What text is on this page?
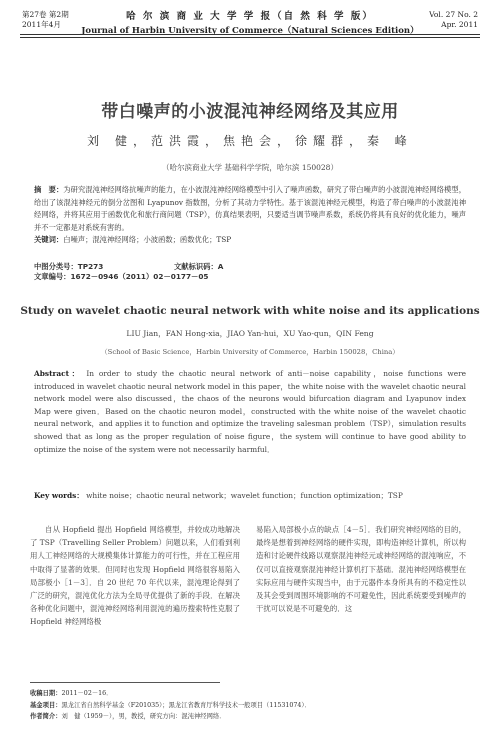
第27卷 第2期
2011年4月
哈 尔 滨 商 业 大 学 学 报（自 然 科 学 版）
Journal of Harbin University of Commerce（Natural Sciences Edition）
Vol. 27 No. 2
Apr. 2011
带白噪声的小波混沌神经网络及其应用
刘 健，范洪霞，焦艳会，徐耀群，秦 峰
（哈尔滨商业大学 基础科学学院，哈尔滨 150028）
摘　要：为研究混沌神经网络抗噪声的能力，在小波混沌神经网络模型中引入了噪声函数，研究了带白噪声的小波混沌神经网络模型，给出了该混沌神经元的倒分岔图和 Lyapunov 指数图，分析了其动力学特性。基于该混沌神经元模型，构造了带白噪声的小波混沌神经网络，并将其应用于函数优化和旅行商问题（TSP），仿真结果表明，只要适当调节噪声系数，系统仍将具有良好的优化能力，噪声并不一定都是对系统有害的。
关键词：白噪声；混沌神经网络；小波函数；函数优化；TSP
中图分类号：TP273	文献标识码：A文章编号：1672－0946（2011）02－0177－05
Study on wavelet chaotic neural network with white noise and its applications
LIU Jian，FAN Hong-xia，JIAO Yan-hui，XU Yao-qun，QIN Feng
（School of Basic Science，Harbin University of Commerce，Harbin 150028，China）
Abstract： In order to study the chaotic neural network of anti－noise capability，noise functions were introduced in wavelet chaotic neural network model in this paper，the white noise with the wavelet chaotic neural network model were also discussed，the chaos of the neurons would bifurcation diagram and Lyapunov index Map were given．Based on the chaotic neuron model，constructed with the white noise of the wavelet chaotic neural network，and applies it to function and optimize the traveling salesman problem（TSP），simulation results showed that as long as the proper regulation of noise figure，the system will continue to have good ability to optimize the noise of the system were not necessarily harmful．
Key words： white noise；chaotic neural network；wavelet function；function optimization；TSP
自从 Hopfield 提出 Hopfield 网络模型，并较成功地解决了 TSP（Travelling Seller Problem）问题以来，人们看到利用人工神经网络的大规模集体计算能力的可行性，并在工程应用中取得了显著的效果．但同时也发现 Hopfield 网络很容易陷入局部极小［1－3］．自 20 世纪 70 年代以来，混沌理论得到了广泛的研究，混沌优化方法为全局寻优提供了新的手段．在解决各种优化问题中，混沌神经网络利用混沌的遍历搜索特性克服了 Hopfield 神经网络极
易陷入局部极小点的缺点［4－5］．我们研究神经网络的目的，最终是想着到神经网络的硬件实现，即构造神经计算机，所以构造和讨论硬件线路以观察混沌神经元或神经网络的混沌响应，不仅可以直接观察混沌神经计算机打下基础．混沌神经网络模型在实际应用与硬件实现当中，由于元器件本身所具有的不稳定性以及其会受到周围环境影响的不可避免性，因此系统要受到噪声的干扰可以说是不可避免的．这
收稿日期：2011－02－16．
基金项目：黑龙江省自然科学基金（F201035）；黑龙江省教育厅科学技术一般项目（11531074）．
作者简介：刘　健（1959－），男，教授，研究方向：混沌神经网络．
